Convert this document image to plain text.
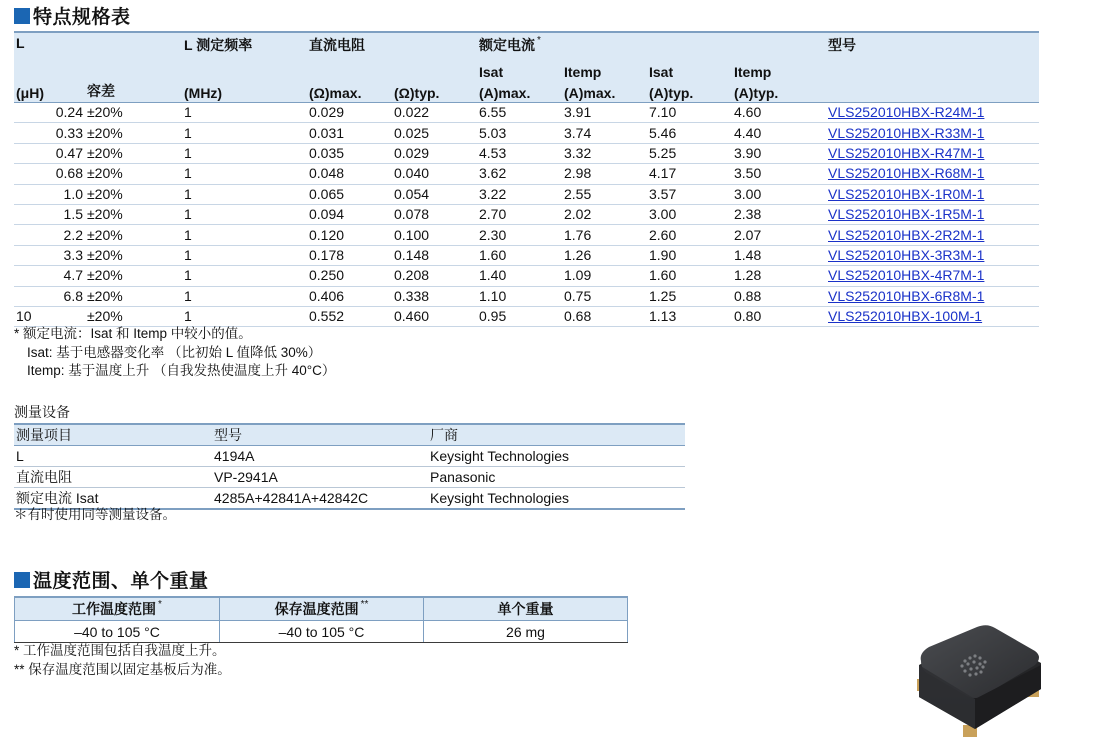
特点规格表
L		L 测定频率	直流电阻		额定电流 *				型号
					Isat	Itemp	Isat	Itemp	
(μH)	容差	(MHz)	(Ω)max.	(Ω)typ.	(A)max.	(A)max.	(A)typ.	(A)typ.	
0.24	±20%	1	0.029	0.022	6.55	3.91	7.10	4.60	VLS252010HBX-R24M-1
0.33	±20%	1	0.031	0.025	5.03	3.74	5.46	4.40	VLS252010HBX-R33M-1
0.47	±20%	1	0.035	0.029	4.53	3.32	5.25	3.90	VLS252010HBX-R47M-1
0.68	±20%	1	0.048	0.040	3.62	2.98	4.17	3.50	VLS252010HBX-R68M-1
1.0	±20%	1	0.065	0.054	3.22	2.55	3.57	3.00	VLS252010HBX-1R0M-1
1.5	±20%	1	0.094	0.078	2.70	2.02	3.00	2.38	VLS252010HBX-1R5M-1
2.2	±20%	1	0.120	0.100	2.30	1.76	2.60	2.07	VLS252010HBX-2R2M-1
3.3	±20%	1	0.178	0.148	1.60	1.26	1.90	1.48	VLS252010HBX-3R3M-1
4.7	±20%	1	0.250	0.208	1.40	1.09	1.60	1.28	VLS252010HBX-4R7M-1
6.8	±20%	1	0.406	0.338	1.10	0.75	1.25	0.88	VLS252010HBX-6R8M-1
10	±20%	1	0.552	0.460	0.95	0.68	1.13	0.80	VLS252010HBX-100M-1
* 额定电流：Isat 和 Itemp 中较小的值。
Isat: 基于电感器变化率 （比初始 L 值降低 30%）
Itemp: 基于温度上升 （自我发热使温度上升 40°C）
测量设备
测量项目	型号	厂商
L	4194A	Keysight Technologies
直流电阻	VP-2941A	Panasonic
额定电流 Isat	4285A+42841A+42842C	Keysight Technologies
＊有时使用同等测量设备。
温度范围、单个重量
工作温度范围 *	保存温度范围 **	单个重量
–40 to 105 °C	–40 to 105 °C	26 mg
* 工作温度范围包括自我温度上升。
** 保存温度范围以固定基板后为准。
